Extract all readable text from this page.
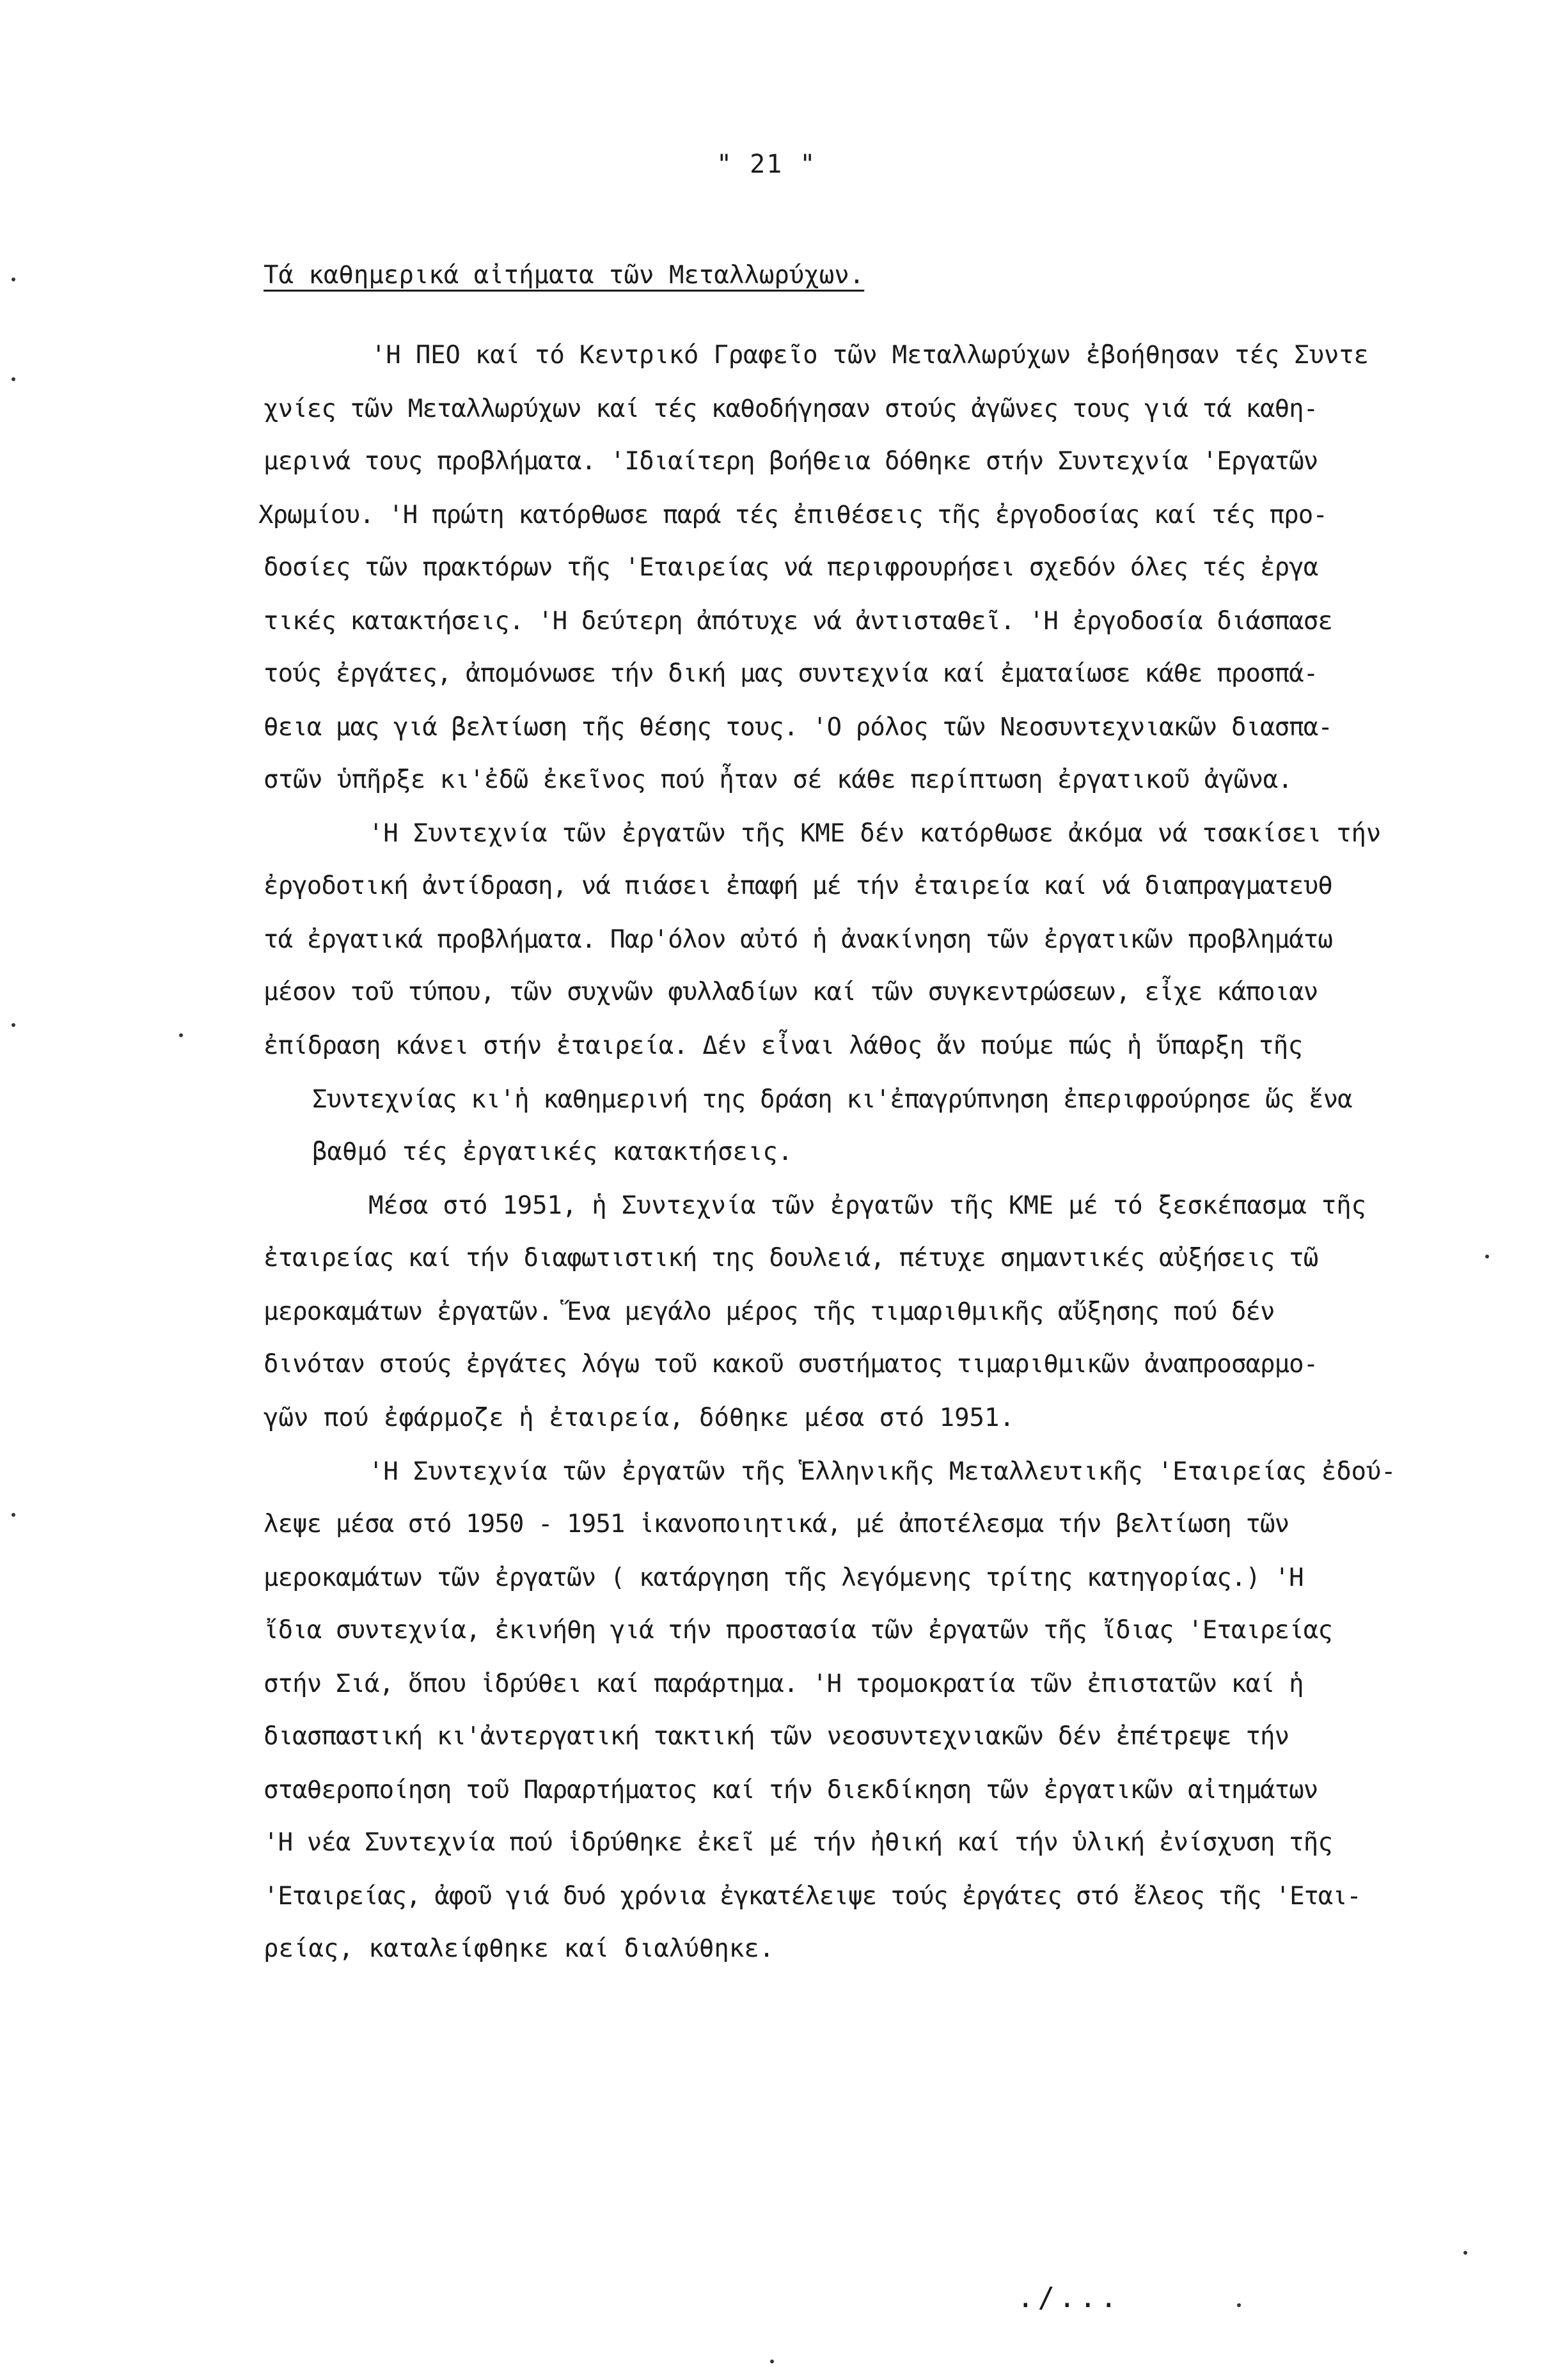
" 21 "
Τά καθημερικά αἰτήματα τῶν Μεταλλωρύχων.
'Η ΠΕΟ καί τό Κεντρικό Γραφεῖο τῶν Μεταλλωρύχων ἐβοήθησαν τές Συντε
χνίες τῶν Μεταλλωρύχων καί τές καθοδήγησαν στούς ἀγῶνες τους γιά τά καθη-
μερινά τους προβλήματα. 'Ιδιαίτερη βοήθεια δόθηκε στήν Συντεχνία 'Εργατῶν
Χρωμίου. 'Η πρώτη κατόρθωσε παρά τές ἐπιθέσεις τῆς ἐργοδοσίας καί τές προ-
δοσίες τῶν πρακτόρων τῆς 'Εταιρείας νά περιφρουρήσει σχεδόν όλες τές ἐργα
τικές κατακτήσεις. 'Η δεύτερη ἀπότυχε νά ἀντισταθεῖ. 'Η ἐργοδοσία διάσπασε
τούς ἐργάτες, ἀπομόνωσε τήν δική μας συντεχνία καί ἐματαίωσε κάθε προσπά-
θεια μας γιά βελτίωση τῆς θέσης τους. 'Ο ρόλος τῶν Νεοσυντεχνιακῶν διασπα-
στῶν ὑπῆρξε κι'ἐδῶ ἐκεῖνος πού ἦταν σέ κάθε περίπτωση ἐργατικοῦ ἀγῶνα.
'Η Συντεχνία τῶν ἐργατῶν τῆς ΚΜΕ δέν κατόρθωσε ἀκόμα νά τσακίσει τήν
ἐργοδοτική ἀντίδραση, νά πιάσει ἐπαφή μέ τήν ἐταιρεία καί νά διαπραγματευθ
τά ἐργατικά προβλήματα. Παρ'όλον αὐτό ἡ ἀνακίνηση τῶν ἐργατικῶν προβλημάτω
μέσον τοῦ τύπου, τῶν συχνῶν φυλλαδίων καί τῶν συγκεντρώσεων, εἶχε κάποιαν
ἐπίδραση κάνει στήν ἐταιρεία. Δέν εἶναι λάθος ἄν πούμε πώς ἡ ὕπαρξη τῆς
Συντεχνίας κι'ἡ καθημερινή της δράση κι'ἐπαγρύπνηση ἐπεριφρούρησε ὥς ἕνα
βαθμό τές ἐργατικές κατακτήσεις.
Μέσα στό 1951, ἡ Συντεχνία τῶν ἐργατῶν τῆς ΚΜΕ μέ τό ξεσκέπασμα τῆς
ἐταιρείας καί τήν διαφωτιστική της δουλειά, πέτυχε σημαντικές αὐξήσεις τῶ
μεροκαμάτων ἐργατῶν. Ἕνα μεγάλο μέρος τῆς τιμαριθμικῆς αὔξησης πού δέν
δινόταν στούς ἐργάτες λόγω τοῦ κακοῦ συστήματος τιμαριθμικῶν ἀναπροσαρμο-
γῶν πού ἐφάρμοζε ἡ ἐταιρεία, δόθηκε μέσα στό 1951.
'Η Συντεχνία τῶν ἐργατῶν τῆς Ἑλληνικῆς Μεταλλευτικῆς 'Εταιρείας ἐδού-
λεψε μέσα στό 1950 - 1951 ἱκανοποιητικά, μέ ἀποτέλεσμα τήν βελτίωση τῶν
μεροκαμάτων τῶν ἐργατῶν ( κατάργηση τῆς λεγόμενης τρίτης κατηγορίας.) 'Η
ἴδια συντεχνία, ἐκινήθη γιά τήν προστασία τῶν ἐργατῶν τῆς ἴδιας 'Εταιρείας
στήν Σιά, ὅπου ἱδρύθει καί παράρτημα. 'Η τρομοκρατία τῶν ἐπιστατῶν καί ἡ
διασπαστική κι'ἀντεργατική τακτική τῶν νεοσυντεχνιακῶν δέν ἐπέτρεψε τήν
σταθεροποίηση τοῦ Παραρτήματος καί τήν διεκδίκηση τῶν ἐργατικῶν αἰτημάτων
'Η νέα Συντεχνία πού ἱδρύθηκε ἐκεῖ μέ τήν ἠθική καί τήν ὑλική ἐνίσχυση τῆς
'Εταιρείας, ἀφοῦ γιά δυό χρόνια ἐγκατέλειψε τούς ἐργάτες στό ἔλεος τῆς 'Εται-
ρείας, καταλείφθηκε καί διαλύθηκε.
./...
